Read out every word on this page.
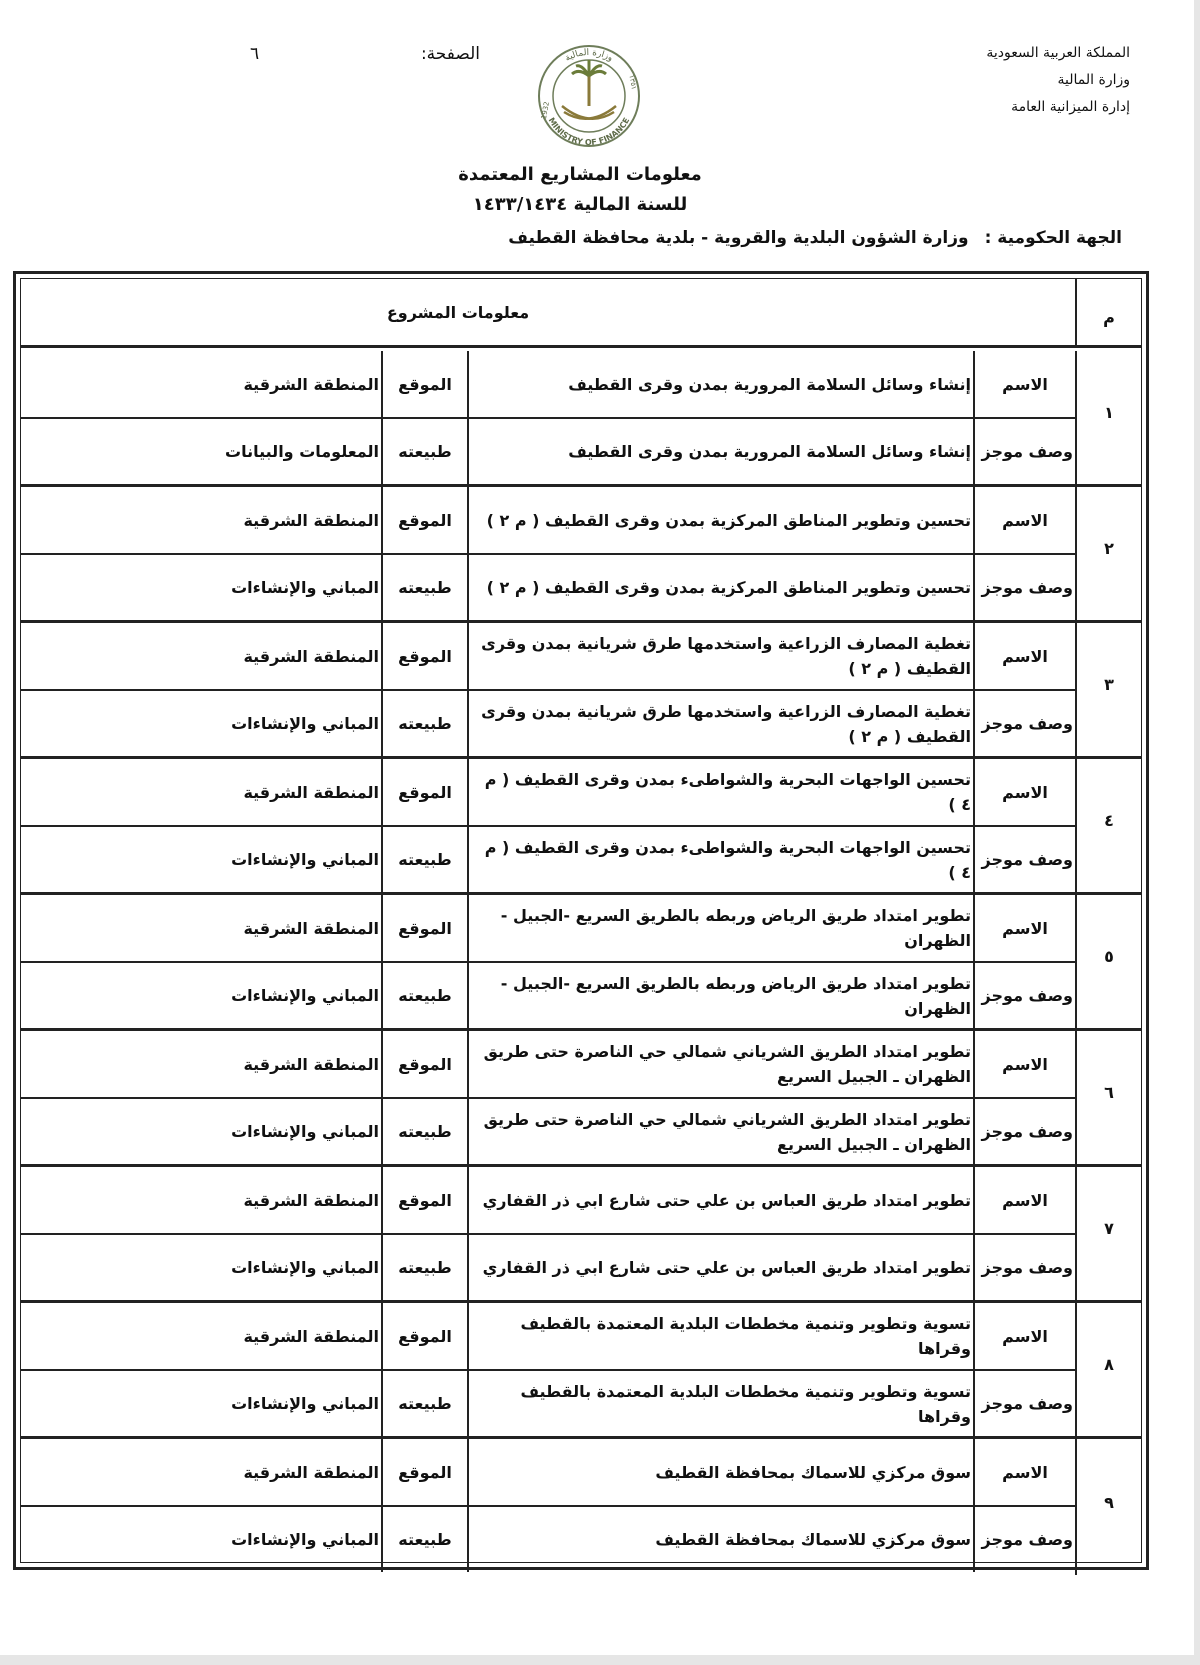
المملكة العربية السعودية
وزارة المالية
إدارة الميزانية العامة
الصفحة:
٦	وزارة المالية
MINISTRY OF FINANCE
1932
١٣٥١
معلومات المشاريع المعتمدة
للسنة المالية ١٤٣٣/١٤٣٤
الجهة الحكومية :
وزارة الشؤون البلدية والقروية - بلدية محافظة القطيف
م
معلومات المشروع
١
الاسم
إنشاء وسائل السلامة المرورية بمدن وقرى القطيف
الموقع
المنطقة الشرقية
وصف موجز
إنشاء وسائل السلامة المرورية بمدن وقرى القطيف
طبيعته
المعلومات والبيانات
٢
الاسم
تحسين وتطوير المناطق المركزية بمدن وقرى القطيف ( م ٢ )
الموقع
المنطقة الشرقية
وصف موجز
تحسين وتطوير المناطق المركزية بمدن وقرى القطيف ( م ٢ )
طبيعته
المباني والإنشاءات
٣
الاسم
تغطية المصارف الزراعية واستخدمها طرق شريانية بمدن وقرى القطيف ( م ٢ )
الموقع
المنطقة الشرقية
وصف موجز
تغطية المصارف الزراعية واستخدمها طرق شريانية بمدن وقرى القطيف ( م ٢ )
طبيعته
المباني والإنشاءات
٤
الاسم
تحسين الواجهات البحرية والشواطىء بمدن وقرى القطيف ( م ٤ )
الموقع
المنطقة الشرقية
وصف موجز
تحسين الواجهات البحرية والشواطىء بمدن وقرى القطيف ( م ٤ )
طبيعته
المباني والإنشاءات
٥
الاسم
تطوير امتداد طريق الرياض وربطه بالطريق السريع -الجبيل - الظهران
الموقع
المنطقة الشرقية
وصف موجز
تطوير امتداد طريق الرياض وربطه بالطريق السريع -الجبيل - الظهران
طبيعته
المباني والإنشاءات
٦
الاسم
تطوير امتداد الطريق الشرياني شمالي حي الناصرة حتى طريق الظهران ـ الجبيل السريع
الموقع
المنطقة الشرقية
وصف موجز
تطوير امتداد الطريق الشرياني شمالي حي الناصرة حتى طريق الظهران ـ الجبيل السريع
طبيعته
المباني والإنشاءات
٧
الاسم
تطوير امتداد طريق العباس بن علي حتى شارع ابي ذر القفاري
الموقع
المنطقة الشرقية
وصف موجز
تطوير امتداد طريق العباس بن علي حتى شارع ابي ذر القفاري
طبيعته
المباني والإنشاءات
٨
الاسم
تسوية وتطوير وتنمية مخططات البلدية المعتمدة بالقطيف وقراها
الموقع
المنطقة الشرقية
وصف موجز
تسوية وتطوير وتنمية مخططات البلدية المعتمدة بالقطيف وقراها
طبيعته
المباني والإنشاءات
٩
الاسم
سوق مركزي للاسماك بمحافظة القطيف
الموقع
المنطقة الشرقية
وصف موجز
سوق مركزي للاسماك بمحافظة القطيف
طبيعته
المباني والإنشاءات
